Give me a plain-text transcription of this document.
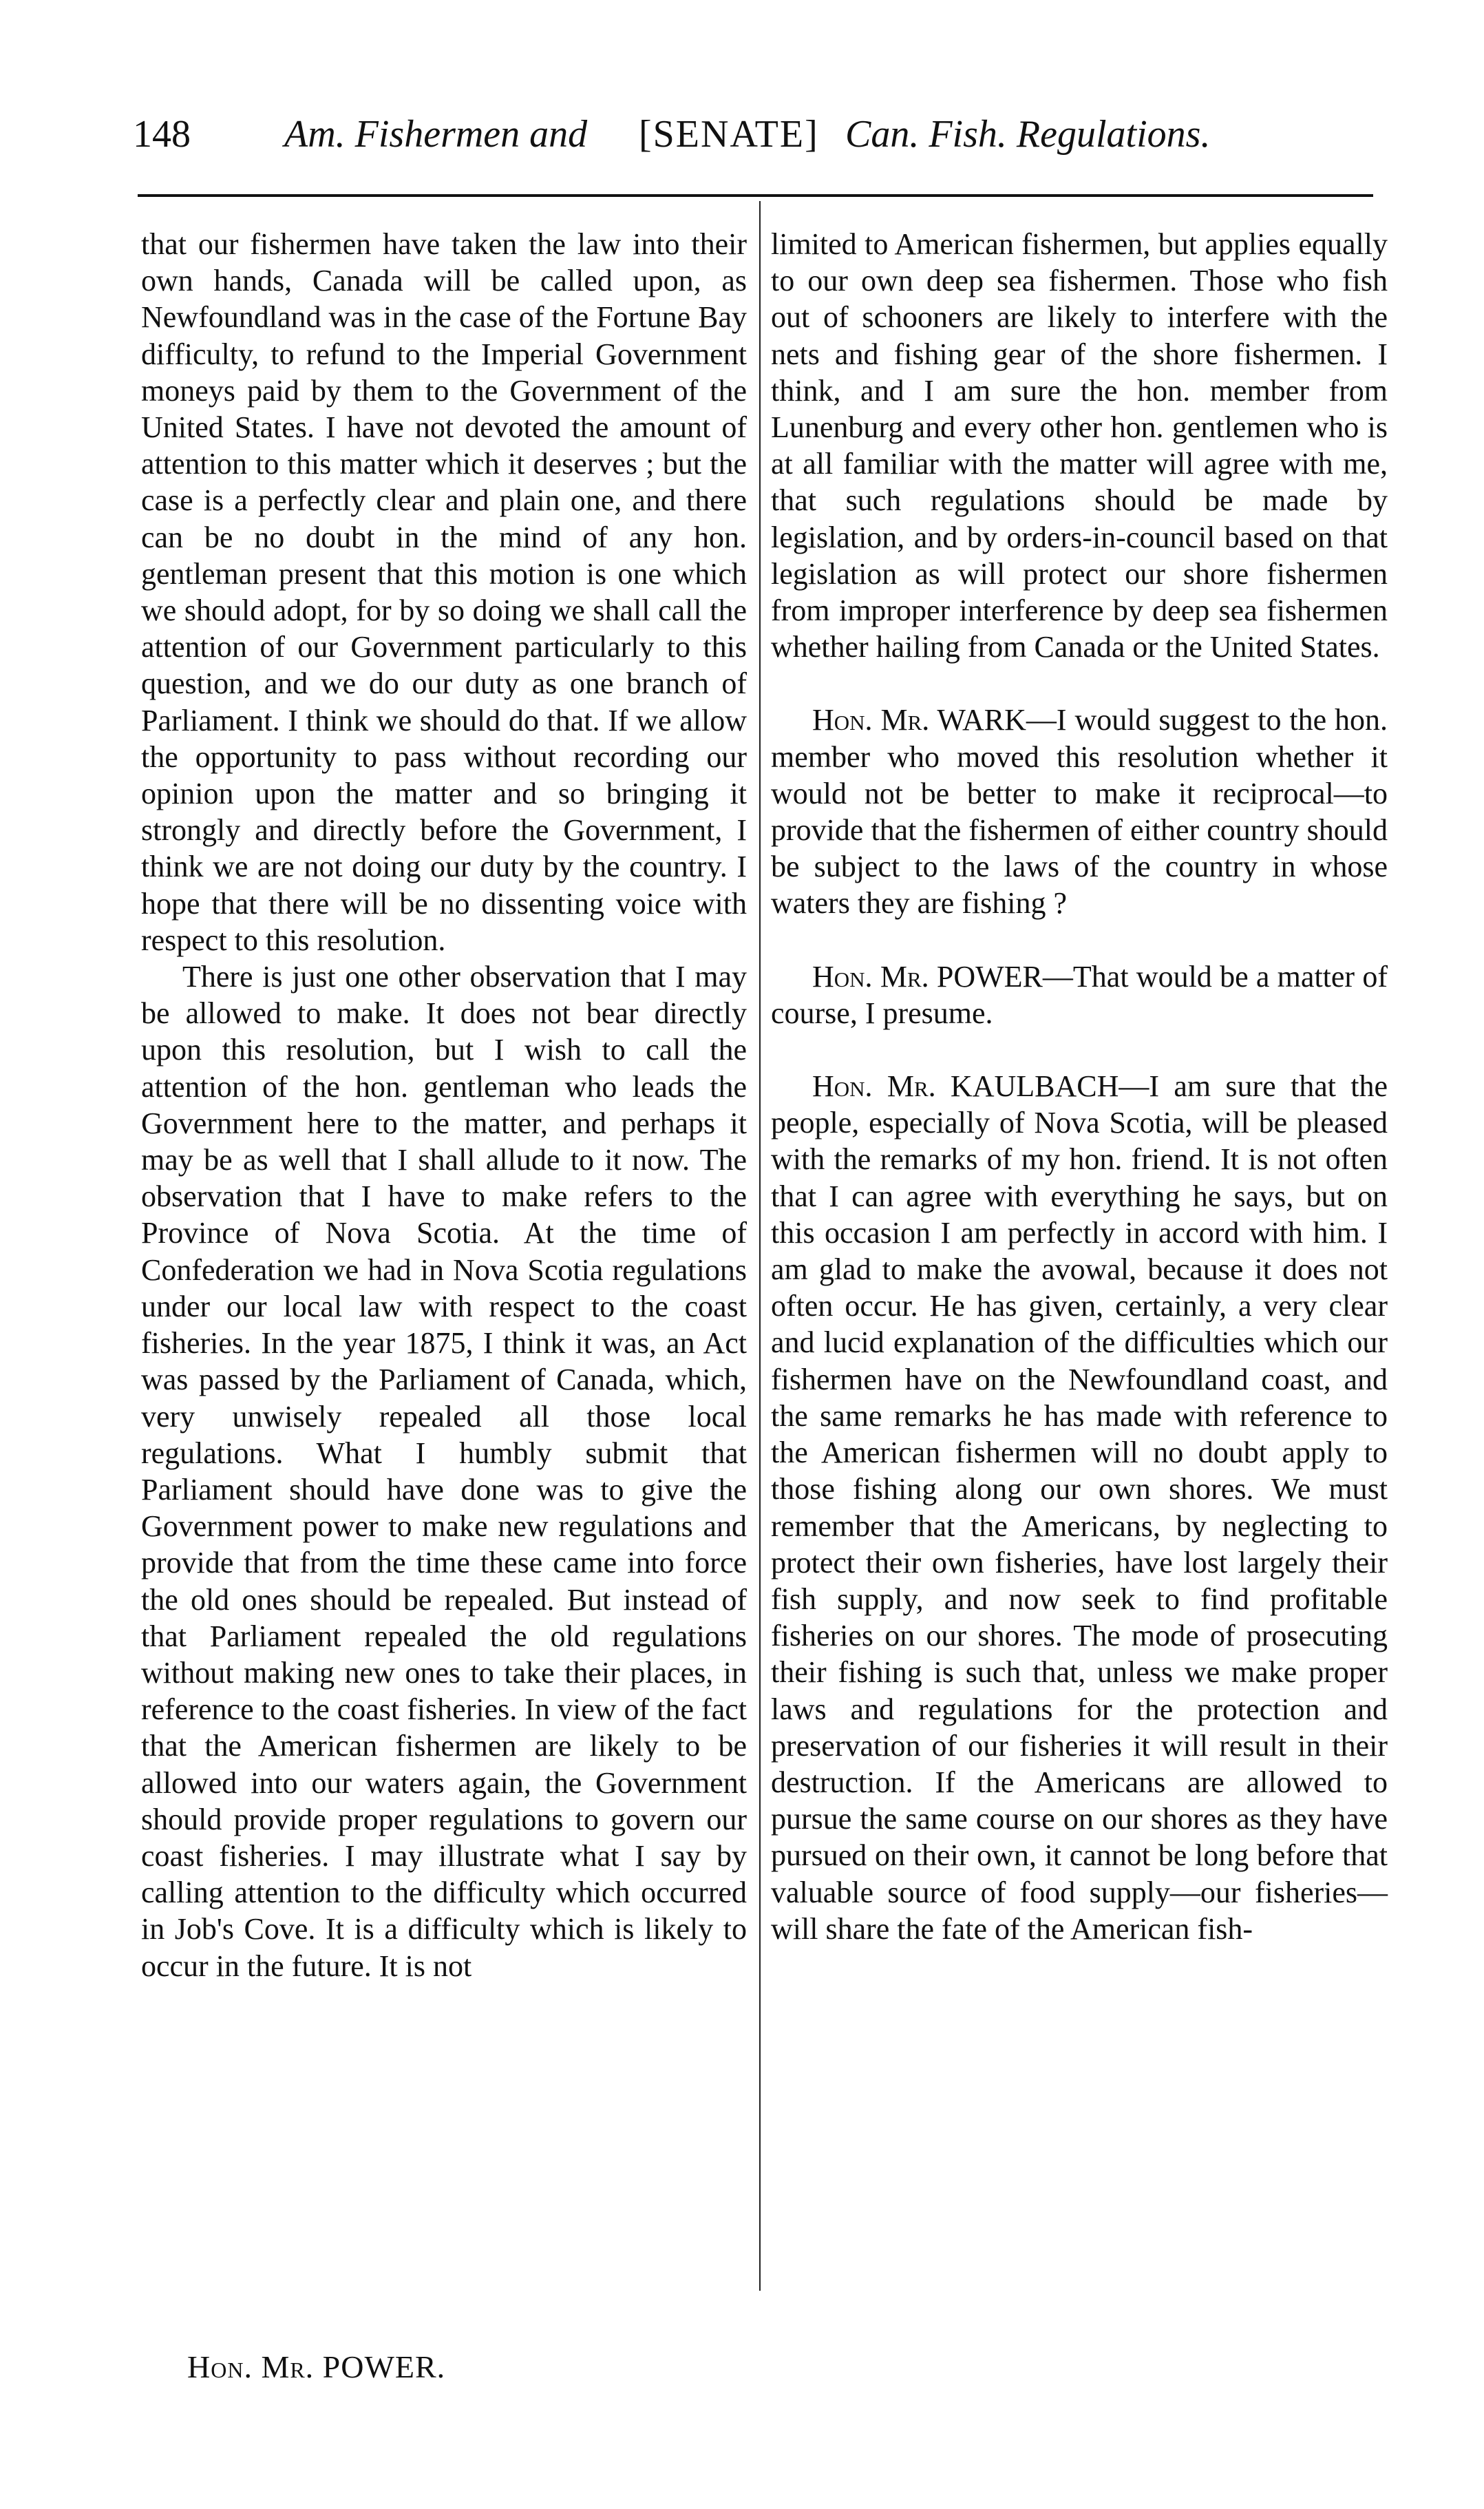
148 Am. Fishermen and [SENATE] Can. Fish. Regulations.

that our fishermen have taken the law into their own hands, Canada will be called upon, as Newfoundland was in the case of the Fortune Bay difficulty, to refund to the Imperial Government moneys paid by them to the Government of the United States. I have not devoted the amount of attention to this matter which it deserves ; but the case is a perfectly clear and plain one, and there can be no doubt in the mind of any hon. gentleman present that this motion is one which we should adopt, for by so doing we shall call the attention of our Government particularly to this question, and we do our duty as one branch of Parliament. I think we should do that. If we allow the opportunity to pass without recording our opinion upon the matter and so bringing it strongly and directly before the Government, I think we are not doing our duty by the country. I hope that there will be no dissenting voice with respect to this resolution.

There is just one other observation that I may be allowed to make. It does not bear directly upon this resolution, but I wish to call the attention of the hon. gentleman who leads the Government here to the matter, and perhaps it may be as well that I shall allude to it now. The observation that I have to make refers to the Province of Nova Scotia. At the time of Confederation we had in Nova Scotia regulations under our local law with respect to the coast fisheries. In the year 1875, I think it was, an Act was passed by the Parliament of Canada, which, very unwisely repealed all those local regulations. What I humbly submit that Parliament should have done was to give the Government power to make new regulations and provide that from the time these came into force the old ones should be repealed. But instead of that Parliament repealed the old regulations without making new ones to take their places, in reference to the coast fisheries. In view of the fact that the American fishermen are likely to be allowed into our waters again, the Government should provide proper regulations to govern our coast fisheries. I may illustrate what I say by calling attention to the difficulty which occurred in Job's Cove. It is a difficulty which is likely to occur in the future. It is not

limited to American fishermen, but applies equally to our own deep sea fishermen. Those who fish out of schooners are likely to interfere with the nets and fishing gear of the shore fishermen. I think, and I am sure the hon. member from Lunenburg and every other hon. gentlemen who is at all familiar with the matter will agree with me, that such regulations should be made by legislation, and by orders-in-council based on that legislation as will protect our shore fishermen from improper interference by deep sea fishermen whether hailing from Canada or the United States.

Hon. Mr. WARK—I would suggest to the hon. member who moved this resolution whether it would not be better to make it reciprocal—to provide that the fishermen of either country should be subject to the laws of the country in whose waters they are fishing ?

Hon. Mr. POWER—That would be a matter of course, I presume.

Hon. Mr. KAULBACH—I am sure that the people, especially of Nova Scotia, will be pleased with the remarks of my hon. friend. It is not often that I can agree with everything he says, but on this occasion I am perfectly in accord with him. I am glad to make the avowal, because it does not often occur. He has given, certainly, a very clear and lucid explanation of the difficulties which our fishermen have on the Newfoundland coast, and the same remarks he has made with reference to the American fishermen will no doubt apply to those fishing along our own shores. We must remember that the Americans, by neglecting to protect their own fisheries, have lost largely their fish supply, and now seek to find profitable fisheries on our shores. The mode of prosecuting their fishing is such that, unless we make proper laws and regulations for the protection and preservation of our fisheries it will result in their destruction. If the Americans are allowed to pursue the same course on our shores as they have pursued on their own, it cannot be long before that valuable source of food supply—our fisheries—will share the fate of the American fish-

Hon. Mr. POWER.
